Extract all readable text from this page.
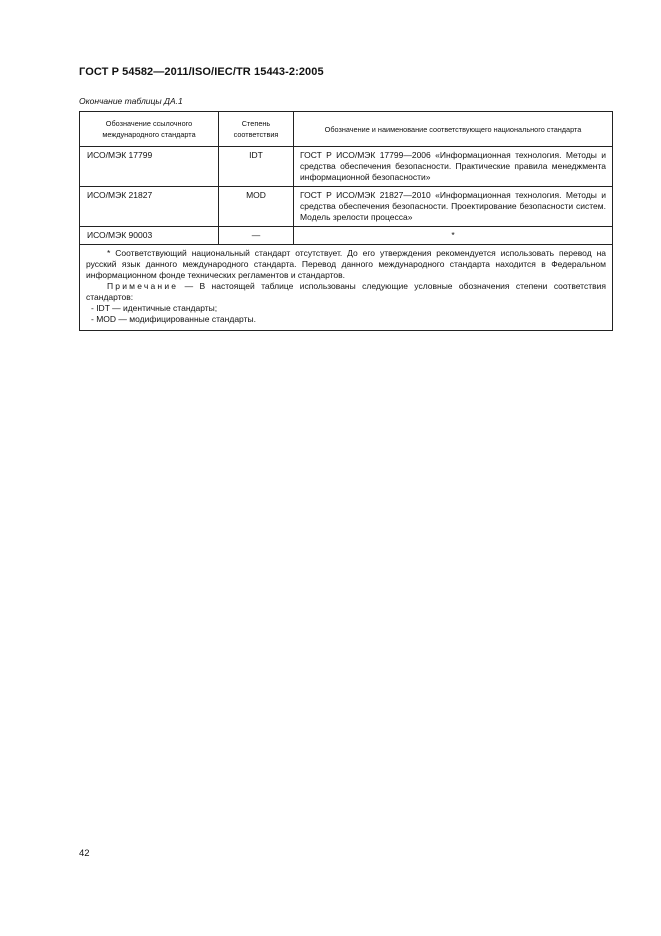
ГОСТ Р 54582—2011/ISO/IEC/TR 15443-2:2005
Окончание таблицы ДА.1
Обозначение ссылочного международного стандарта	Степень соответствия	Обозначение и наименование соответствующего национального стандарта
ИСО/МЭК 17799	IDT	ГОСТ Р ИСО/МЭК 17799—2006 «Информационная технология. Методы и средства обеспечения безопасности. Практические правила менеджмента информационной безопасности»
ИСО/МЭК 21827	MOD	ГОСТ Р ИСО/МЭК 21827—2010 «Информационная технология. Методы и средства обеспечения безопасности. Проектирование безопасности систем. Модель зрелости процесса»
ИСО/МЭК 90003	—	*

* Соответствующий национальный стандарт отсутствует. До его утверждения рекомендуется использовать перевод на русский язык данного международного стандарта. Перевод данного международного стандарта находится в Федеральном информационном фонде технических регламентов и стандартов.

Примечание — В настоящей таблице использованы следующие условные обозначения степени соответствия стандартов:

- IDT — идентичные стандарты;

- MOD — модифицированные стандарты.		

42
